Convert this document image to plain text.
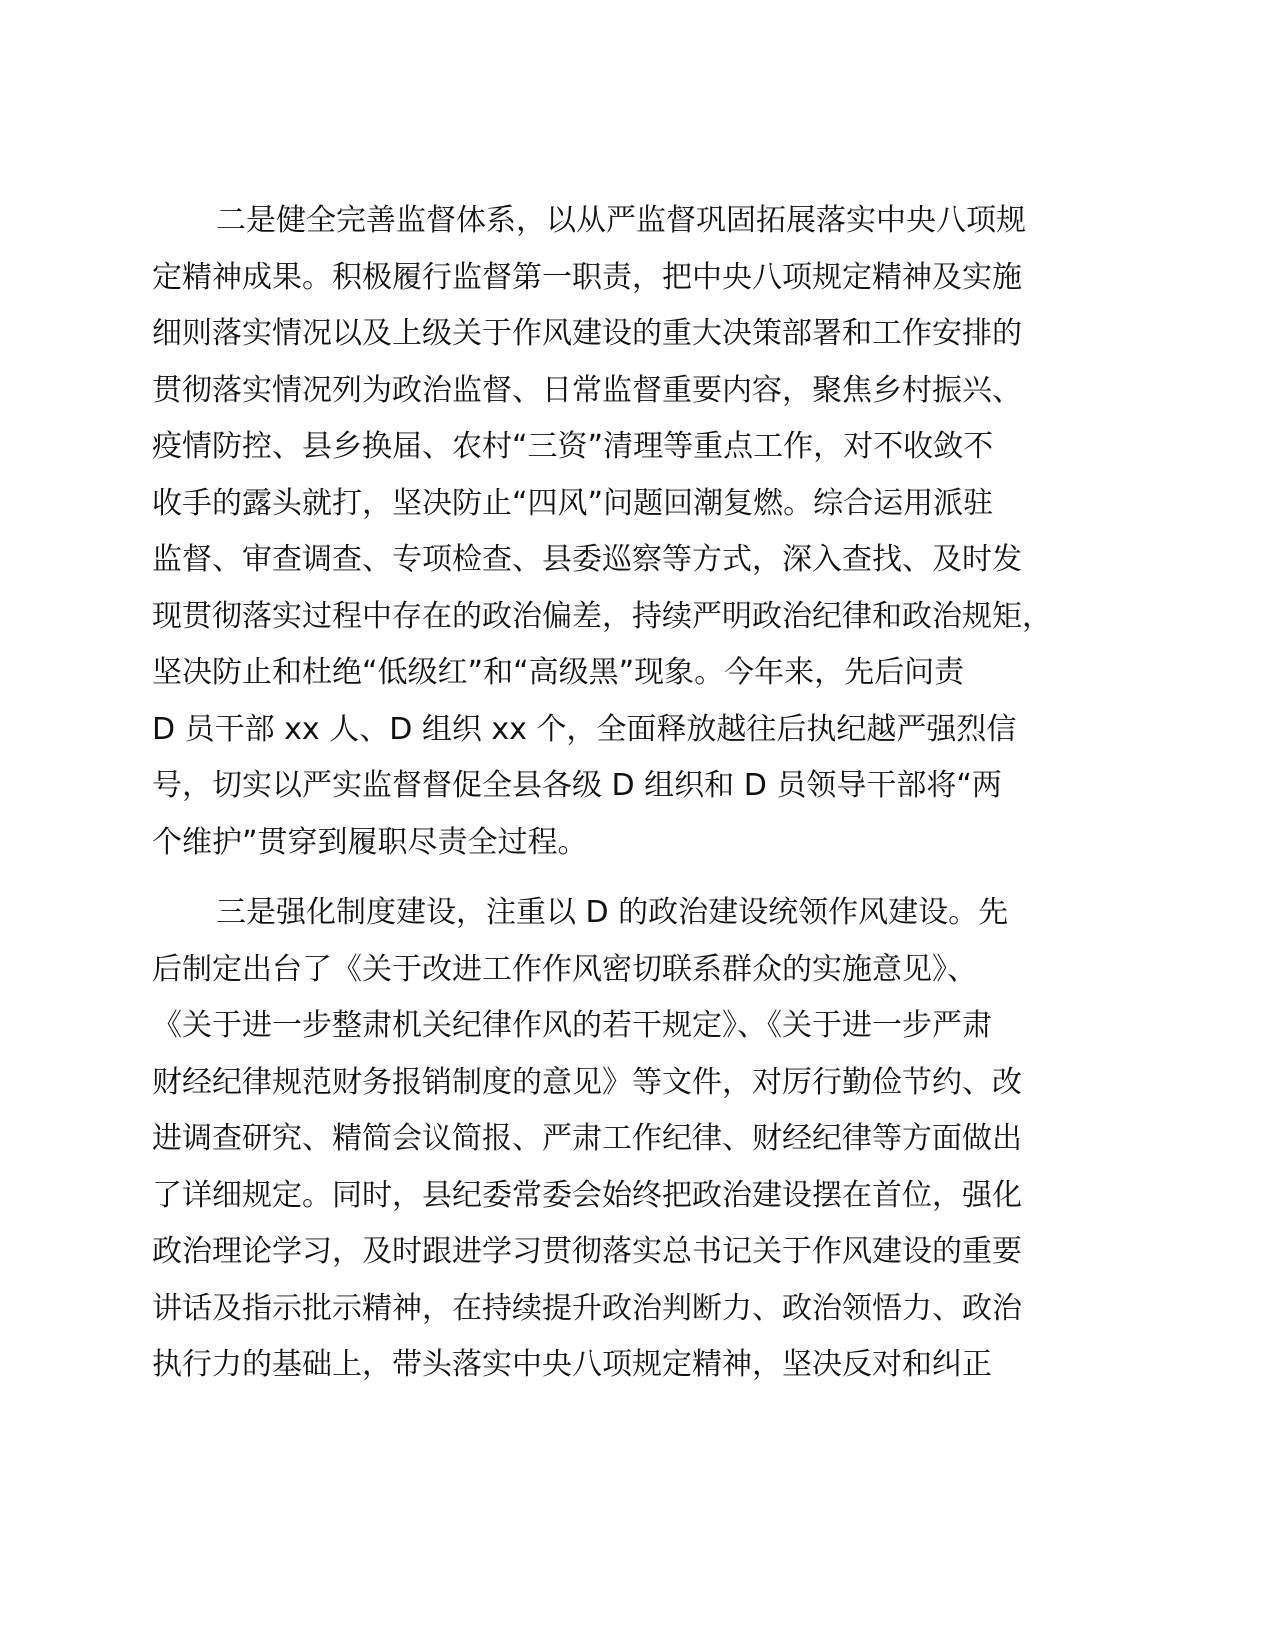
二是健全完善监督体系，以从严监督巩固拓展落实中央八项规
定精神成果。积极履行监督第一职责，把中央八项规定精神及实施
细则落实情况以及上级关于作风建设的重大决策部署和工作安排的
贯彻落实情况列为政治监督、日常监督重要内容，聚焦乡村振兴、
疫情防控、县乡换届、农村“三资”清理等重点工作，对不收敛不
收手的露头就打，坚决防止“四风”问题回潮复燃。综合运用派驻
监督、审查调查、专项检查、县委巡察等方式，深入查找、及时发
现贯彻落实过程中存在的政治偏差，持续严明政治纪律和政治规矩，
坚决防止和杜绝“低级红”和“高级黑”现象。今年来，先后问责
D 员干部 xx 人、D 组织 xx 个，全面释放越往后执纪越严强烈信
号，切实以严实监督督促全县各级 D 组织和 D 员领导干部将“两
个维护”贯穿到履职尽责全过程。
三是强化制度建设，注重以 D 的政治建设统领作风建设。先
后制定出台了《关于改进工作作风密切联系群众的实施意见》、
《关于进一步整肃机关纪律作风的若干规定》、《关于进一步严肃
财经纪律规范财务报销制度的意见》等文件，对厉行勤俭节约、改
进调查研究、精简会议简报、严肃工作纪律、财经纪律等方面做出
了详细规定。同时，县纪委常委会始终把政治建设摆在首位，强化
政治理论学习，及时跟进学习贯彻落实总书记关于作风建设的重要
讲话及指示批示精神，在持续提升政治判断力、政治领悟力、政治
执行力的基础上，带头落实中央八项规定精神，坚决反对和纠正
